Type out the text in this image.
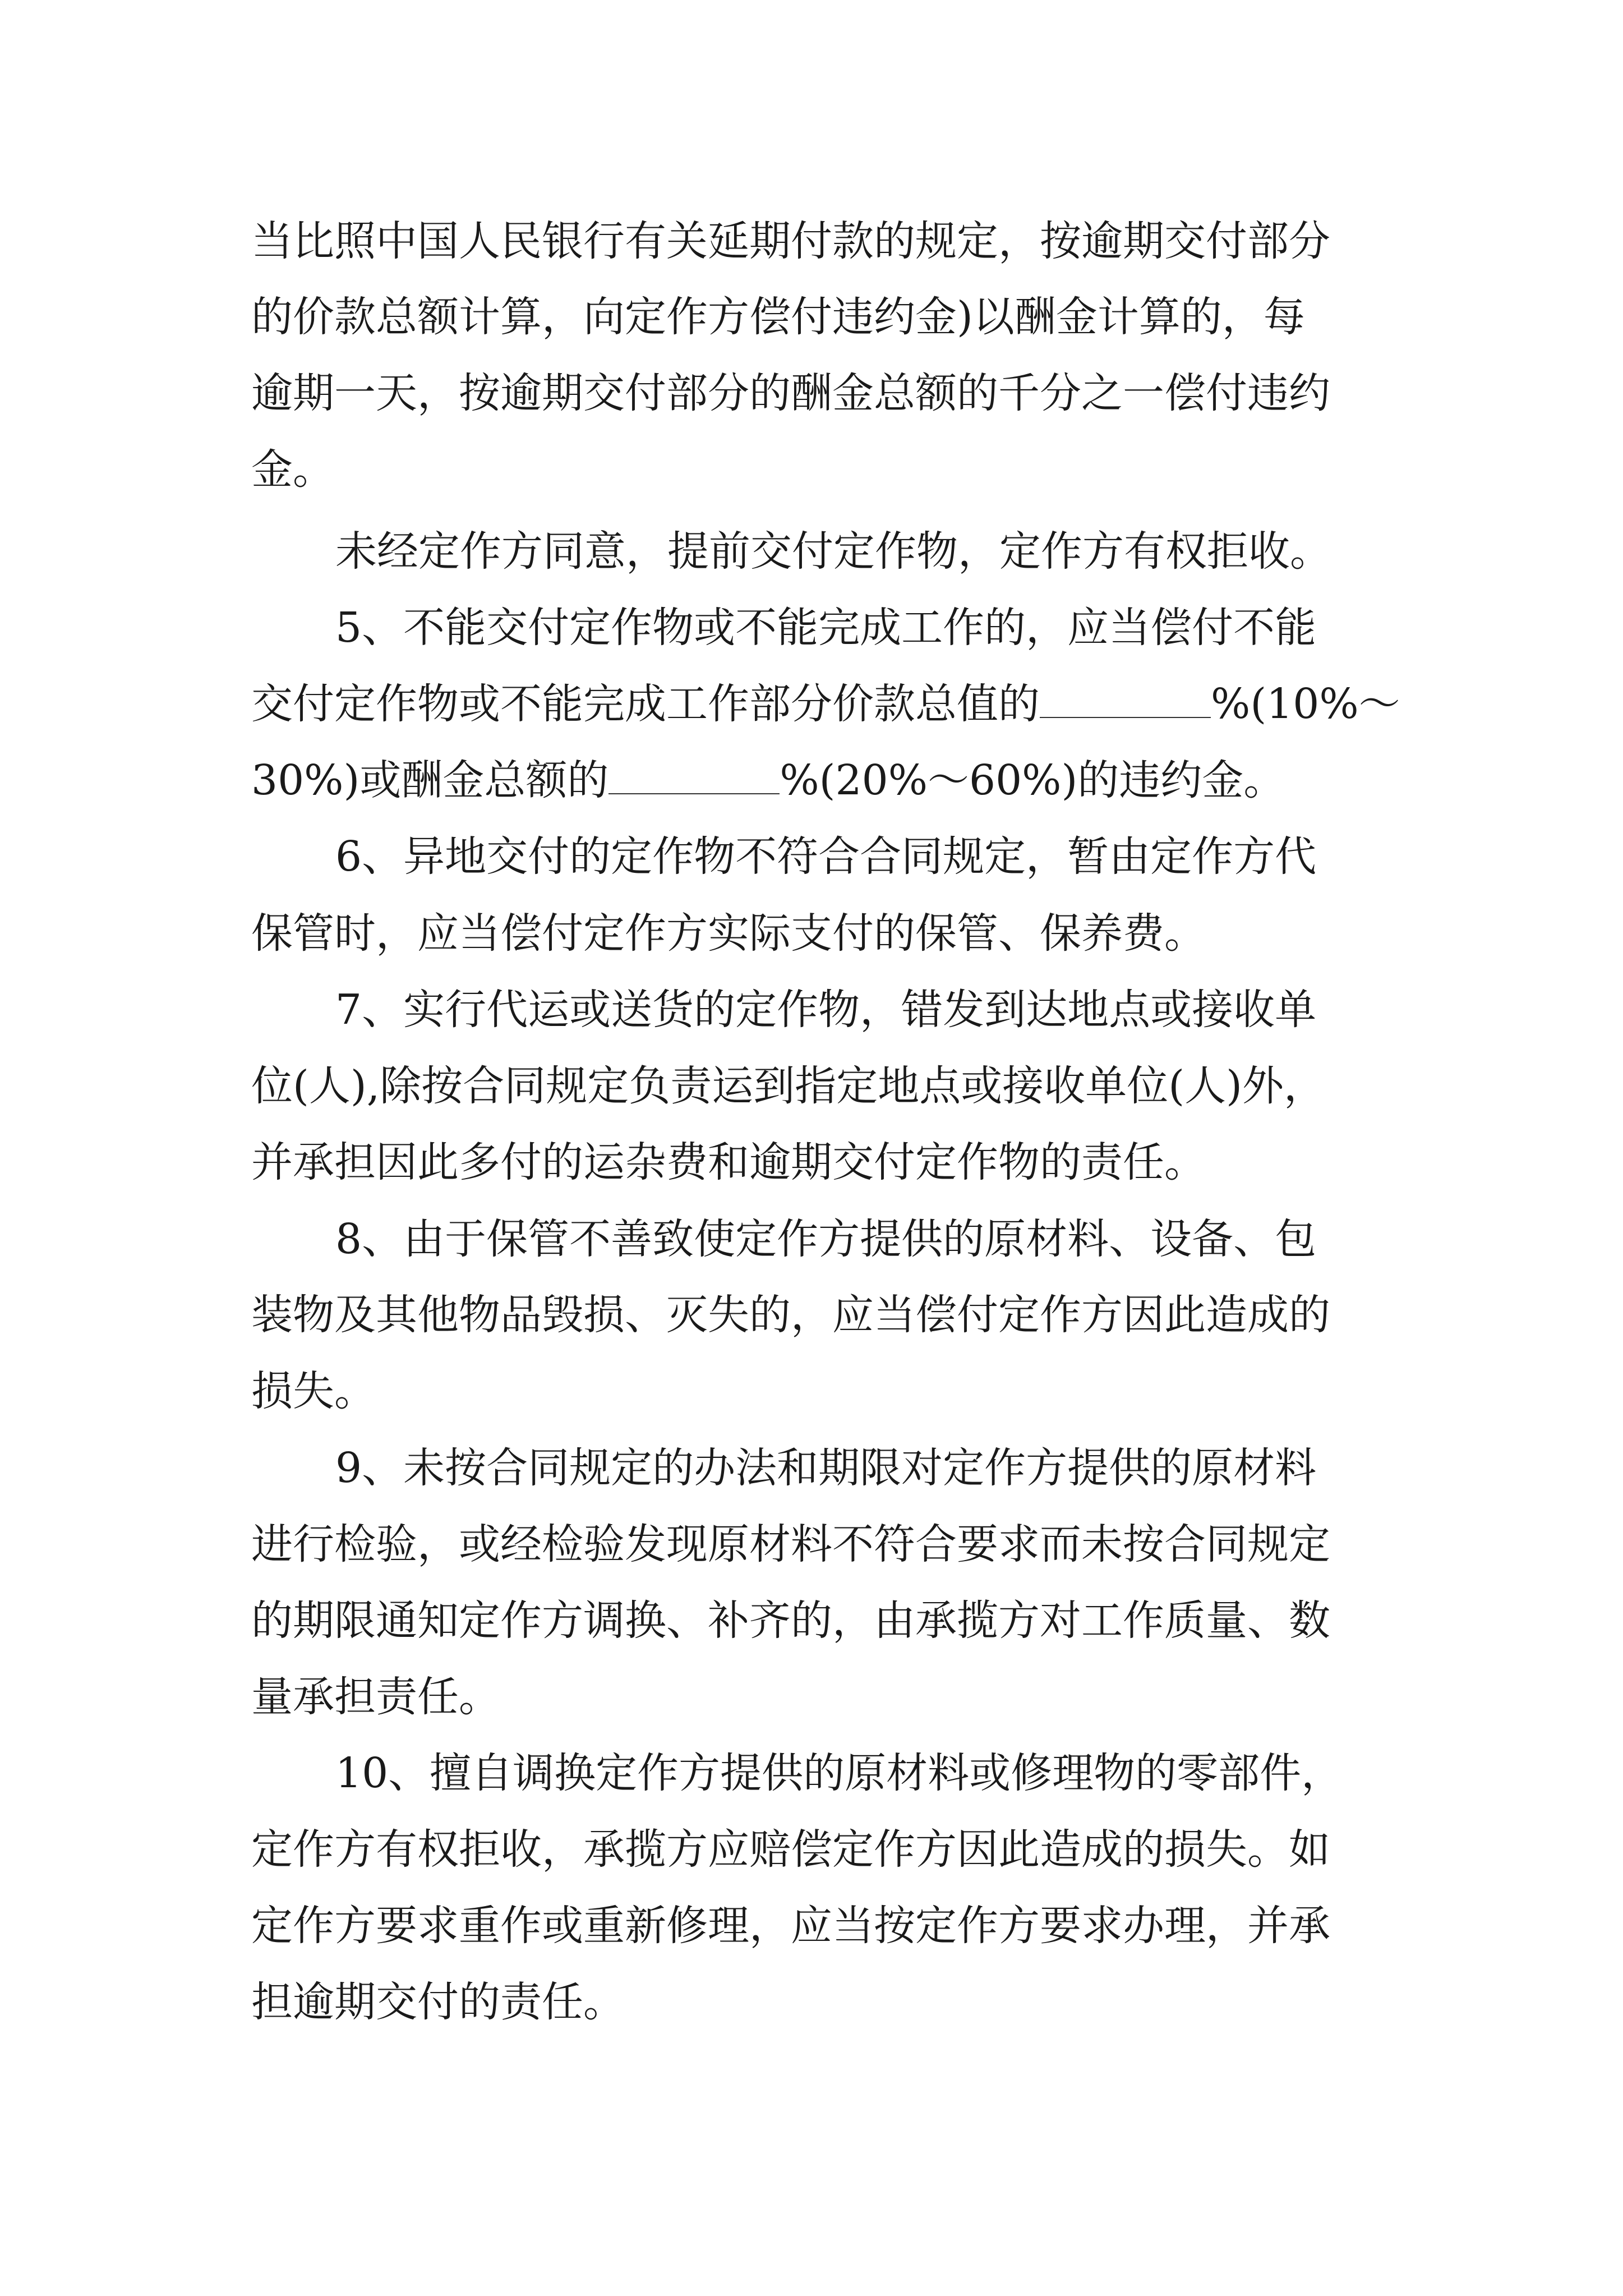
当比照中国人民银行有关延期付款的规定，按逾期交付部分

的价款总额计算，向定作方偿付违约金)以酬金计算的，每

逾期一天，按逾期交付部分的酬金总额的千分之一偿付违约

金。

未经定作方同意，提前交付定作物，定作方有权拒收。

5、不能交付定作物或不能完成工作的，应当偿付不能

交付定作物或不能完成工作部分价款总值的	%(10%～

30%)或酬金总额的	%(20%～60%)的违约金。

6、异地交付的定作物不符合合同规定，暂由定作方代

保管时，应当偿付定作方实际支付的保管、保养费。

7、实行代运或送货的定作物，错发到达地点或接收单

位(人),除按合同规定负责运到指定地点或接收单位(人)外，

并承担因此多付的运杂费和逾期交付定作物的责任。

8、由于保管不善致使定作方提供的原材料、设备、包

装物及其他物品毁损、灭失的，应当偿付定作方因此造成的

损失。

9、未按合同规定的办法和期限对定作方提供的原材料

进行检验，或经检验发现原材料不符合要求而未按合同规定

的期限通知定作方调换、补齐的，由承揽方对工作质量、数

量承担责任。

10、擅自调换定作方提供的原材料或修理物的零部件，

定作方有权拒收，承揽方应赔偿定作方因此造成的损失。如

定作方要求重作或重新修理，应当按定作方要求办理，并承

担逾期交付的责任。
